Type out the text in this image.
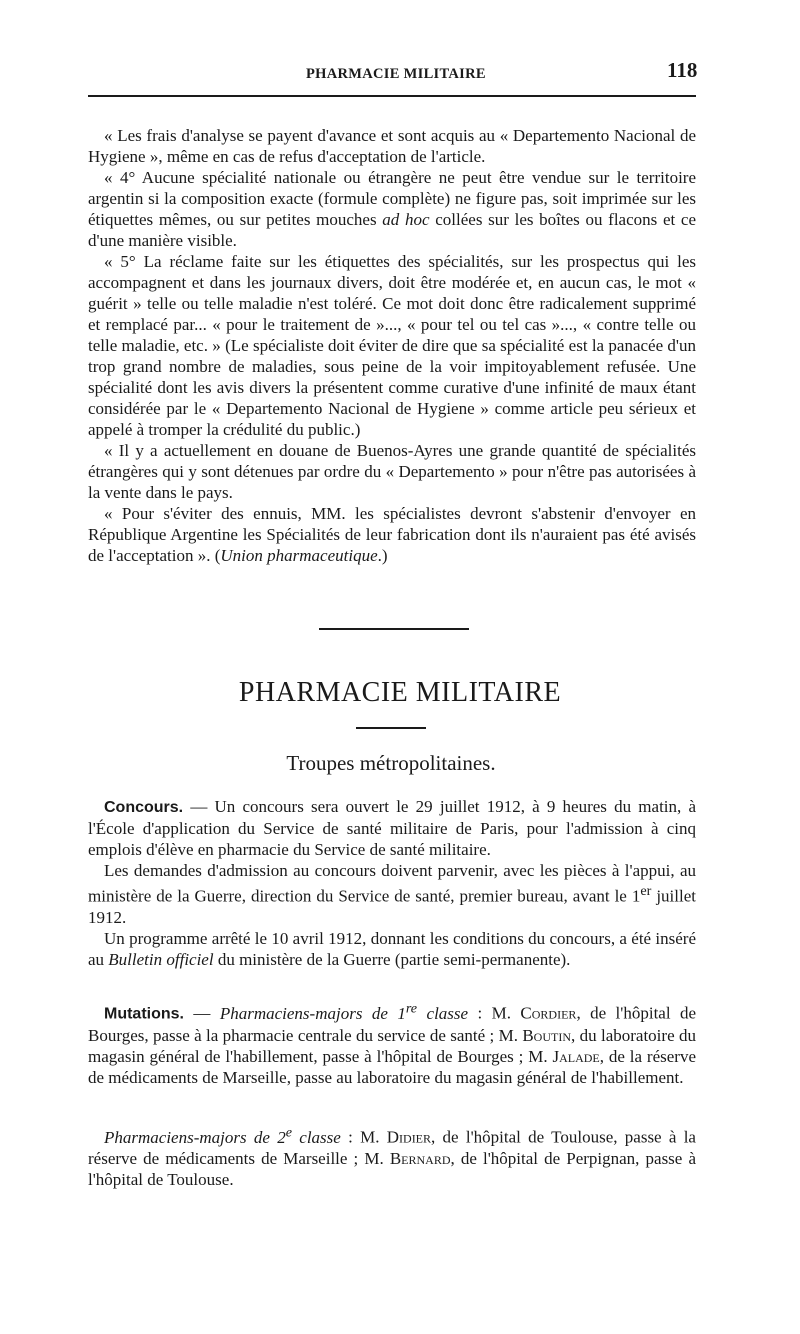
PHARMACIE MILITAIRE	118

« Les frais d'analyse se payent d'avance et sont acquis au « Departemento Nacional de Hygiene », même en cas de refus d'acceptation de l'article.

« 4° Aucune spécialité nationale ou étrangère ne peut être vendue sur le territoire argentin si la composition exacte (formule complète) ne figure pas, soit imprimée sur les étiquettes mêmes, ou sur petites mouches ad hoc collées sur les boîtes ou flacons et ce d'une manière visible.

« 5° La réclame faite sur les étiquettes des spécialités, sur les prospectus qui les accompagnent et dans les journaux divers, doit être modérée et, en aucun cas, le mot « guérit » telle ou telle maladie n'est toléré. Ce mot doit donc être radicalement supprimé et remplacé par... « pour le traitement de »..., « pour tel ou tel cas »..., « contre telle ou telle maladie, etc. » (Le spécialiste doit éviter de dire que sa spécialité est la panacée d'un trop grand nombre de maladies, sous peine de la voir impitoyablement refusée. Une spécialité dont les avis divers la présentent comme curative d'une infinité de maux étant considérée par le « Departemento Nacional de Hygiene » comme article peu sérieux et appelé à tromper la crédulité du public.)

« Il y a actuellement en douane de Buenos-Ayres une grande quantité de spécialités étrangères qui y sont détenues par ordre du « Departemento » pour n'être pas autorisées à la vente dans le pays.

« Pour s'éviter des ennuis, MM. les spécialistes devront s'abstenir d'envoyer en République Argentine les Spécialités de leur fabrication dont ils n'auraient pas été avisés de l'acceptation ». (Union pharmaceutique.)

PHARMACIE MILITAIRE
Troupes métropolitaines.

Concours. — Un concours sera ouvert le 29 juillet 1912, à 9 heures du matin, à l'École d'application du Service de santé militaire de Paris, pour l'admission à cinq emplois d'élève en pharmacie du Service de santé militaire.

Les demandes d'admission au concours doivent parvenir, avec les pièces à l'appui, au ministère de la Guerre, direction du Service de santé, premier bureau, avant le 1er juillet 1912.

Un programme arrêté le 10 avril 1912, donnant les conditions du concours, a été inséré au Bulletin officiel du ministère de la Guerre (partie semi-permanente).

Mutations. — Pharmaciens-majors de 1re classe : M. Cordier, de l'hôpital de Bourges, passe à la pharmacie centrale du service de santé ; M. Boutin, du laboratoire du magasin général de l'habillement, passe à l'hôpital de Bourges ; M. Jalade, de la réserve de médicaments de Marseille, passe au laboratoire du magasin général de l'habillement.

Pharmaciens-majors de 2e classe : M. Didier, de l'hôpital de Toulouse, passe à la réserve de médicaments de Marseille ; M. Bernard, de l'hôpital de Perpignan, passe à l'hôpital de Toulouse.
